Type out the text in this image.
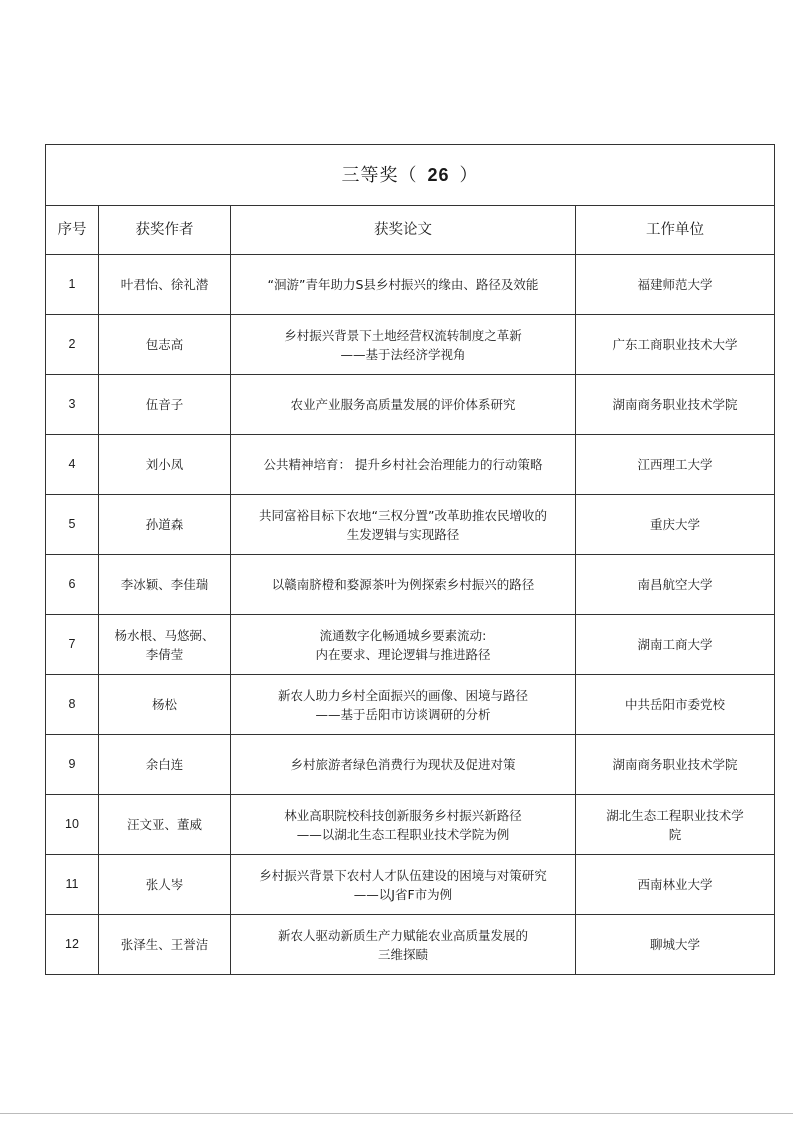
三等奖（ 26 ）			
序号	获奖作者	获奖论文	工作单位
1	叶君怡、徐礼潜	“洄游”青年助力S县乡村振兴的缘由、路径及效能	福建师范大学

2	包志高	乡村振兴背景下土地经营权流转制度之革新
——基于法经济学视角	广东工商职业技术大学

3	伍音子	农业产业服务高质量发展的评价体系研究	湖南商务职业技术学院

4	刘小凤	公共精神培育： 提升乡村社会治理能力的行动策略	江西理工大学

5	孙道森	共同富裕目标下农地“三权分置”改革助推农民增收的
生发逻辑与实现路径	重庆大学

6	李冰颖、李佳瑞	以赣南脐橙和婺源茶叶为例探索乡村振兴的路径	南昌航空大学

7	杨水根、马悠弼、
李倩莹	流通数字化畅通城乡要素流动:
内在要求、理论逻辑与推进路径	湖南工商大学

8	杨松	新农人助力乡村全面振兴的画像、困境与路径
——基于岳阳市访谈调研的分析	中共岳阳市委党校

9	余白连	乡村旅游者绿色消费行为现状及促进对策	湖南商务职业技术学院

10	汪文亚、董威	林业高职院校科技创新服务乡村振兴新路径
——以湖北生态工程职业技术学院为例	湖北生态工程职业技术学
院

11	张人岑	乡村振兴背景下农村人才队伍建设的困境与对策研究
——以J省F市为例	西南林业大学

12	张泽生、王誉洁	新农人驱动新质生产力赋能农业高质量发展的
三维探赜	聊城大学
